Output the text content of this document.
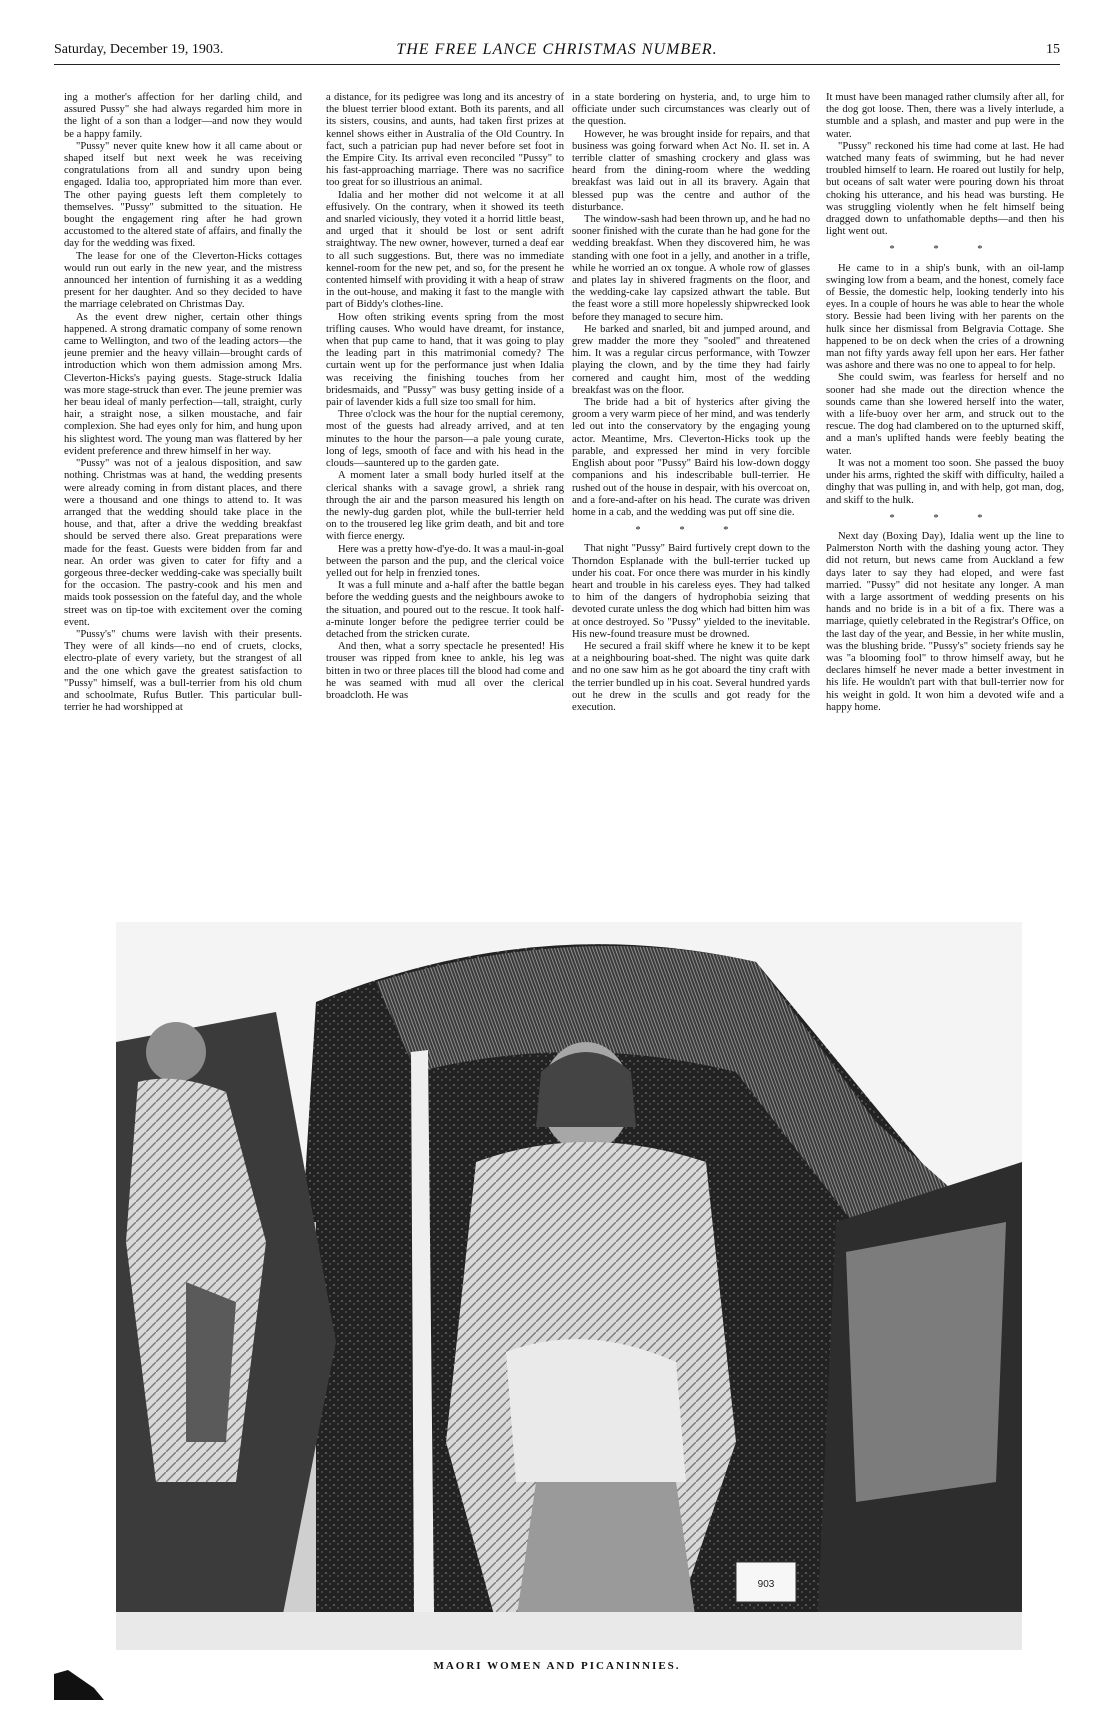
Saturday, December 19, 1903.	THE FREE LANCE CHRISTMAS NUMBER.	15

ing a mother's affection for her darling child, and assured Pussy" she had always regarded him more in the light of a son than a lodger—and now they would be a happy family.

"Pussy" never quite knew how it all came about or shaped itself but next week he was receiving congratulations from all and sundry upon being engaged. Idalia too, appropriated him more than ever. The other paying guests left them completely to themselves. "Pussy" submitted to the situation. He bought the engagement ring after he had grown accustomed to the altered state of affairs, and finally the day for the wedding was fixed.

The lease for one of the Cleverton-Hicks cottages would run out early in the new year, and the mistress announced her intention of furnishing it as a wedding present for her daughter. And so they decided to have the marriage celebrated on Christmas Day.

As the event drew nigher, certain other things happened. A strong dramatic company of some renown came to Wellington, and two of the leading actors—the jeune premier and the heavy villain—brought cards of introduction which won them admission among Mrs. Cleverton-Hicks's paying guests. Stage-struck Idalia was more stage-struck than ever. The jeune premier was her beau ideal of manly perfection—tall, straight, curly hair, a straight nose, a silken moustache, and fair complexion. She had eyes only for him, and hung upon his slightest word. The young man was flattered by her evident preference and threw himself in her way.

"Pussy" was not of a jealous disposition, and saw nothing. Christmas was at hand, the wedding presents were already coming in from distant places, and there were a thousand and one things to attend to. It was arranged that the wedding should take place in the house, and that, after a drive the wedding breakfast should be served there also. Great preparations were made for the feast. Guests were bidden from far and near. An order was given to cater for fifty and a gorgeous three-decker wedding-cake was specially built for the occasion. The pastry-cook and his men and maids took possession on the fateful day, and the whole street was on tip-toe with excitement over the coming event.

"Pussy's" chums were lavish with their presents. They were of all kinds—no end of cruets, clocks, electro-plate of every variety, but the strangest of all and the one which gave the greatest satisfaction to "Pussy" himself, was a bull-terrier from his old chum and schoolmate, Rufus Butler. This particular bull-terrier he had worshipped at

a distance, for its pedigree was long and its ancestry of the bluest terrier blood extant. Both its parents, and all its sisters, cousins, and aunts, had taken first prizes at kennel shows either in Australia of the Old Country. In fact, such a patrician pup had never before set foot in the Empire City. Its arrival even reconciled "Pussy" to his fast-approaching marriage. There was no sacrifice too great for so illustrious an animal.

Idalia and her mother did not welcome it at all effusively. On the contrary, when it showed its teeth and snarled viciously, they voted it a horrid little beast, and urged that it should be lost or sent adrift straightway. The new owner, however, turned a deaf ear to all such suggestions. But, there was no immediate kennel-room for the new pet, and so, for the present he contented himself with providing it with a heap of straw in the out-house, and making it fast to the mangle with part of Biddy's clothes-line.

How often striking events spring from the most trifling causes. Who would have dreamt, for instance, when that pup came to hand, that it was going to play the leading part in this matrimonial comedy? The curtain went up for the performance just when Idalia was receiving the finishing touches from her bridesmaids, and "Pussy" was busy getting inside of a pair of lavender kids a full size too small for him.

Three o'clock was the hour for the nuptial ceremony, most of the guests had already arrived, and at ten minutes to the hour the parson—a pale young curate, long of legs, smooth of face and with his head in the clouds—sauntered up to the garden gate.

A moment later a small body hurled itself at the clerical shanks with a savage growl, a shriek rang through the air and the parson measured his length on the newly-dug garden plot, while the bull-terrier held on to the trousered leg like grim death, and bit and tore with fierce energy.

Here was a pretty how-d'ye-do. It was a maul-in-goal between the parson and the pup, and the clerical voice yelled out for help in frenzied tones.

It was a full minute and a-half after the battle began before the wedding guests and the neighbours awoke to the situation, and poured out to the rescue. It took half-a-minute longer before the pedigree terrier could be detached from the stricken curate.

And then, what a sorry spectacle he presented! His trouser was ripped from knee to ankle, his leg was bitten in two or three places till the blood had come and he was seamed with mud all over the clerical broadcloth. He was

in a state bordering on hysteria, and, to urge him to officiate under such circumstances was clearly out of the question.

However, he was brought inside for repairs, and that business was going forward when Act No. II. set in. A terrible clatter of smashing crockery and glass was heard from the dining-room where the wedding breakfast was laid out in all its bravery. Again that blessed pup was the centre and author of the disturbance.

The window-sash had been thrown up, and he had no sooner finished with the curate than he had gone for the wedding breakfast. When they discovered him, he was standing with one foot in a jelly, and another in a trifle, while he worried an ox tongue. A whole row of glasses and plates lay in shivered fragments on the floor, and the wedding-cake lay capsized athwart the table. But the feast wore a still more hopelessly shipwrecked look before they managed to secure him.

He barked and snarled, bit and jumped around, and grew madder the more they "sooled" and threatened him. It was a regular circus performance, with Towzer playing the clown, and by the time they had fairly cornered and caught him, most of the wedding breakfast was on the floor.

The bride had a bit of hysterics after giving the groom a very warm piece of her mind, and was tenderly led out into the conservatory by the engaging young actor. Meantime, Mrs. Cleverton-Hicks took up the parable, and expressed her mind in very forcible English about poor "Pussy" Baird his low-down doggy companions and his indescribable bull-terrier. He rushed out of the house in despair, with his overcoat on, and a fore-and-after on his head. The curate was driven home in a cab, and the wedding was put off sine die.

* * *

That night "Pussy" Baird furtively crept down to the Thorndon Esplanade with the bull-terrier tucked up under his coat. For once there was murder in his kindly heart and trouble in his careless eyes. They had talked to him of the dangers of hydrophobia seizing that devoted curate unless the dog which had bitten him was at once destroyed. So "Pussy" yielded to the inevitable. His new-found treasure must be drowned.

He secured a frail skiff where he knew it to be kept at a neighbouring boat-shed. The night was quite dark and no one saw him as he got aboard the tiny craft with the terrier bundled up in his coat. Several hundred yards out he drew in the sculls and got ready for the execution.

It must have been managed rather clumsily after all, for the dog got loose. Then, there was a lively interlude, a stumble and a splash, and master and pup were in the water.

"Pussy" reckoned his time had come at last. He had watched many feats of swimming, but he had never troubled himself to learn. He roared out lustily for help, but oceans of salt water were pouring down his throat choking his utterance, and his head was bursting. He was struggling violently when he felt himself being dragged down to unfathomable depths—and then his light went out.

* * *

He came to in a ship's bunk, with an oil-lamp swinging low from a beam, and the honest, comely face of Bessie, the domestic help, looking tenderly into his eyes. In a couple of hours he was able to hear the whole story. Bessie had been living with her parents on the hulk since her dismissal from Belgravia Cottage. She happened to be on deck when the cries of a drowning man not fifty yards away fell upon her ears. Her father was ashore and there was no one to appeal to for help.

She could swim, was fearless for herself and no sooner had she made out the direction whence the sounds came than she lowered herself into the water, with a life-buoy over her arm, and struck out to the rescue. The dog had clambered on to the upturned skiff, and a man's uplifted hands were feebly beating the water.

It was not a moment too soon. She passed the buoy under his arms, righted the skiff with difficulty, hailed a dinghy that was pulling in, and with help, got man, dog, and skiff to the hulk.

* * *

Next day (Boxing Day), Idalia went up the line to Palmerston North with the dashing young actor. They did not return, but news came from Auckland a few days later to say they had eloped, and were fast married. "Pussy" did not hesitate any longer. A man with a large assortment of wedding presents on his hands and no bride is in a bit of a fix. There was a marriage, quietly celebrated in the Registrar's Office, on the last day of the year, and Bessie, in her white muslin, was the blushing bride. "Pussy's" society friends say he was "a blooming fool" to throw himself away, but he declares himself he never made a better investment in his life. He wouldn't part with that bull-terrier now for his weight in gold. It won him a devoted wife and a happy home.

903
MAORI WOMEN AND PICANINNIES.
